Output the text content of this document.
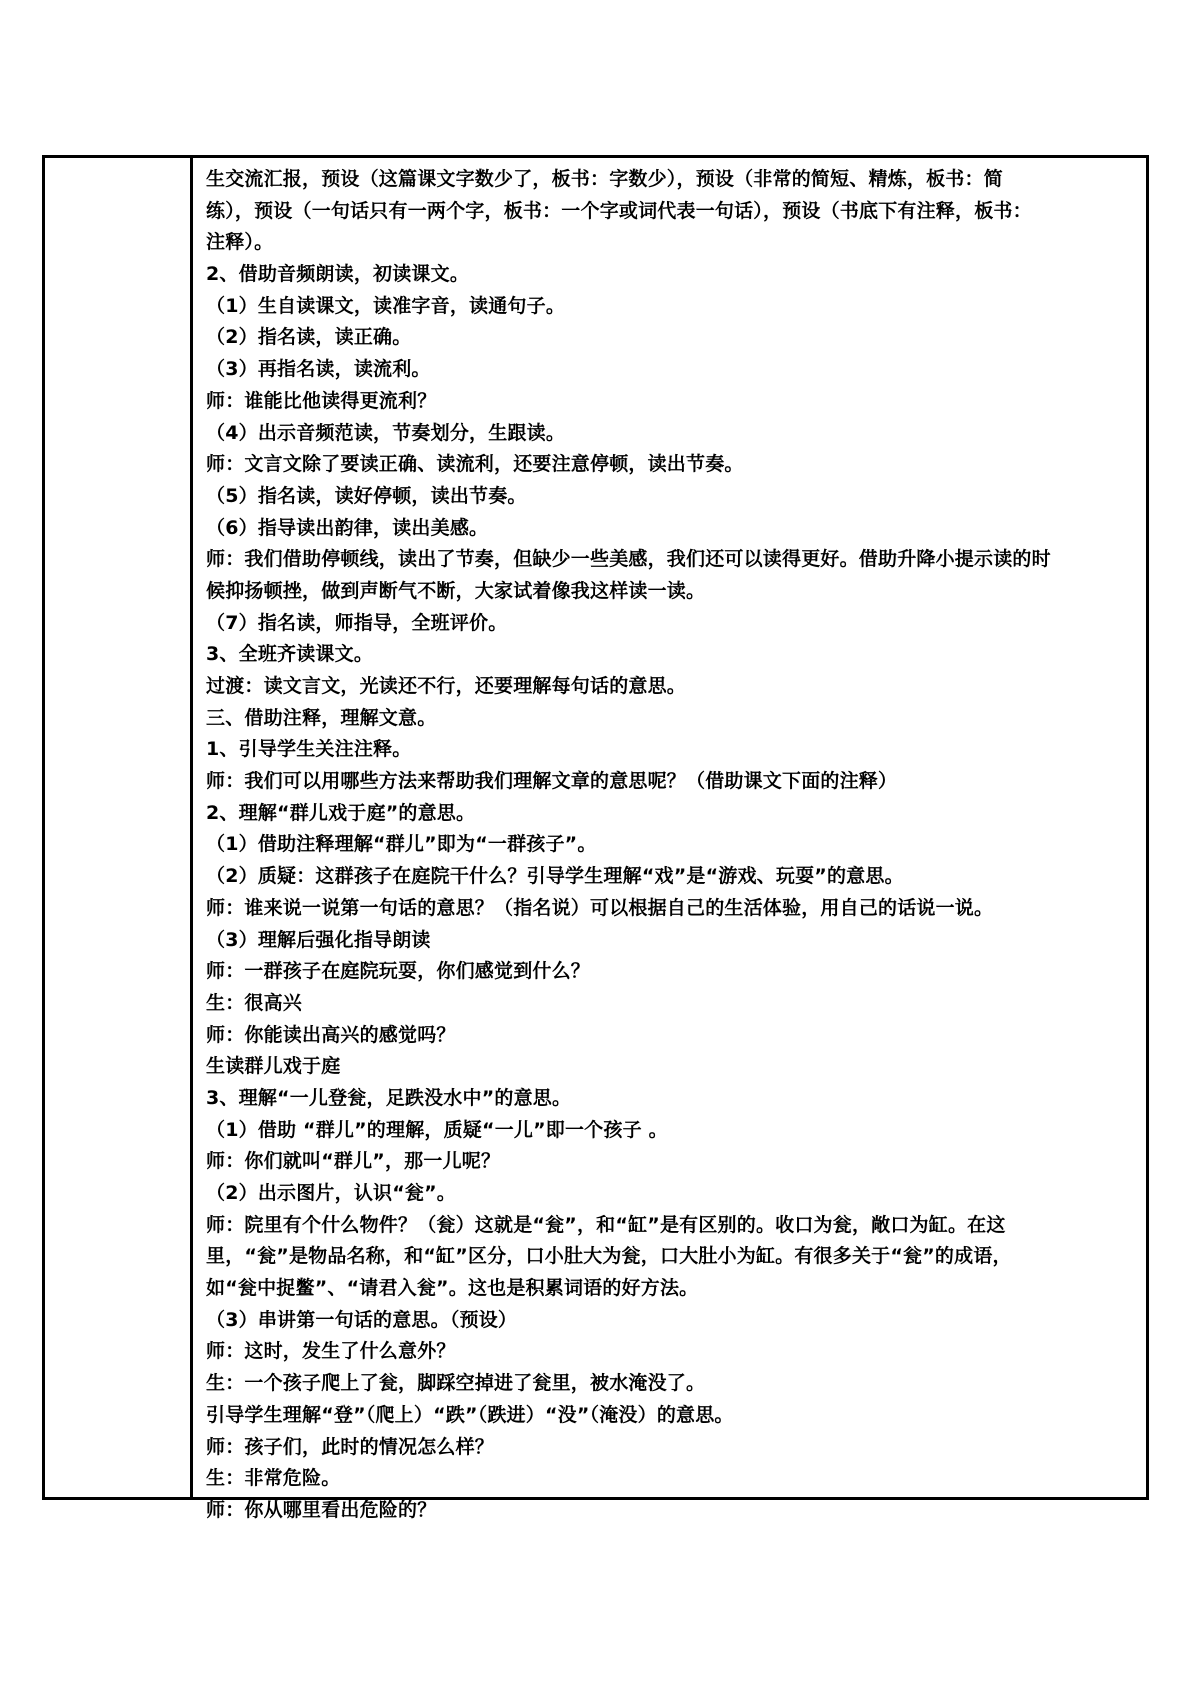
生交流汇报，预设（这篇课文字数少了，板书：字数少），预设（非常的简短、精炼，板书：简
练），预设（一句话只有一两个字，板书：一个字或词代表一句话），预设（书底下有注释，板书：
注释）。
2、借助音频朗读，初读课文。
（1）生自读课文，读准字音，读通句子。
（2）指名读，读正确。
（3）再指名读，读流利。
师：谁能比他读得更流利？
（4）出示音频范读，节奏划分，生跟读。
师：文言文除了要读正确、读流利，还要注意停顿，读出节奏。
（5）指名读，读好停顿，读出节奏。
（6）指导读出韵律，读出美感。
师：我们借助停顿线，读出了节奏，但缺少一些美感，我们还可以读得更好。借助升降小提示读的时
候抑扬顿挫，做到声断气不断，大家试着像我这样读一读。
（7）指名读，师指导，全班评价。
3、全班齐读课文。
过渡：读文言文，光读还不行，还要理解每句话的意思。
三、借助注释，理解文意。
1、引导学生关注注释。
师：我们可以用哪些方法来帮助我们理解文章的意思呢？（借助课文下面的注释）
2、理解“群儿戏于庭”的意思。
（1）借助注释理解“群儿”即为“一群孩子”。
（2）质疑：这群孩子在庭院干什么？引导学生理解“戏”是“游戏、玩耍”的意思。
师：谁来说一说第一句话的意思？（指名说）可以根据自己的生活体验，用自己的话说一说。
（3）理解后强化指导朗读
师：一群孩子在庭院玩耍，你们感觉到什么？
生：很高兴
师：你能读出高兴的感觉吗？
生读群儿戏于庭
3、理解“一儿登瓮，足跌没水中”的意思。
（1）借助 “群儿”的理解，质疑“一儿”即一个孩子 。
师：你们就叫“群儿”，那一儿呢？
（2）出示图片，认识“瓮”。
师：院里有个什么物件？（瓮）这就是“瓮”，和“缸”是有区别的。收口为瓮，敞口为缸。在这
里，“瓮”是物品名称，和“缸”区分，口小肚大为瓮，口大肚小为缸。有很多关于“瓮”的成语，
如“瓮中捉鳖”、“请君入瓮”。这也是积累词语的好方法。
（3）串讲第一句话的意思。（预设）
师：这时，发生了什么意外？
生：一个孩子爬上了瓮，脚踩空掉进了瓮里，被水淹没了。
引导学生理解“登”（爬上）“跌”（跌进）“没”（淹没）的意思。
师：孩子们，此时的情况怎么样？
生：非常危险。
师：你从哪里看出危险的？
